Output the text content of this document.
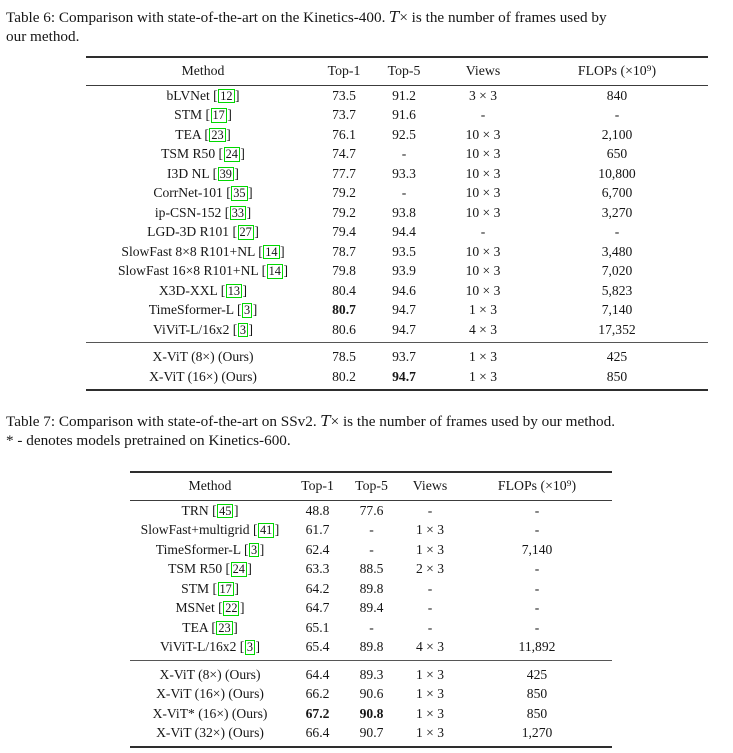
Table 6: Comparison with state-of-the-art on the Kinetics-400. T× is the number of frames used by
our method.

Method	Top-1	Top-5	Views	FLOPs (×10⁹)
bLVNet [ 12 ]	73.5	91.2	3 × 3	840
STM [ 17 ]	73.7	91.6	-	-
TEA [ 23 ]	76.1	92.5	10 × 3	2,100
TSM R50 [ 24 ]	74.7	-	10 × 3	650
I3D NL [ 39 ]	77.7	93.3	10 × 3	10,800
CorrNet-101 [ 35 ]	79.2	-	10 × 3	6,700
ip-CSN-152 [ 33 ]	79.2	93.8	10 × 3	3,270
LGD-3D R101 [ 27 ]	79.4	94.4	-	-
SlowFast 8×8 R101+NL [ 14 ]	78.7	93.5	10 × 3	3,480
SlowFast 16×8 R101+NL [ 14 ]	79.8	93.9	10 × 3	7,020
X3D-XXL [ 13 ]	80.4	94.6	10 × 3	5,823
TimeSformer-L [ 3 ]	80.7	94.7	1 × 3	7,140
ViViT-L/16x2 [ 3 ]	80.6	94.7	4 × 3	17,352
X-ViT (8×) (Ours)	78.5	93.7	1 × 3	425
X-ViT (16×) (Ours)	80.2	94.7	1 × 3	850

Table 7: Comparison with state-of-the-art on SSv2. T× is the number of frames used by our method.
* - denotes models pretrained on Kinetics-600.

Method	Top-1	Top-5	Views	FLOPs (×10⁹)
TRN [ 45 ]	48.8	77.6	-	-
SlowFast+multigrid [ 41 ]	61.7	-	1 × 3	-
TimeSformer-L [ 3 ]	62.4	-	1 × 3	7,140
TSM R50 [ 24 ]	63.3	88.5	2 × 3	-
STM [ 17 ]	64.2	89.8	-	-
MSNet [ 22 ]	64.7	89.4	-	-
TEA [ 23 ]	65.1	-	-	-
ViViT-L/16x2 [ 3 ]	65.4	89.8	4 × 3	11,892
X-ViT (8×) (Ours)	64.4	89.3	1 × 3	425
X-ViT (16×) (Ours)	66.2	90.6	1 × 3	850
X-ViT* (16×) (Ours)	67.2	90.8	1 × 3	850
X-ViT (32×) (Ours)	66.4	90.7	1 × 3	1,270
